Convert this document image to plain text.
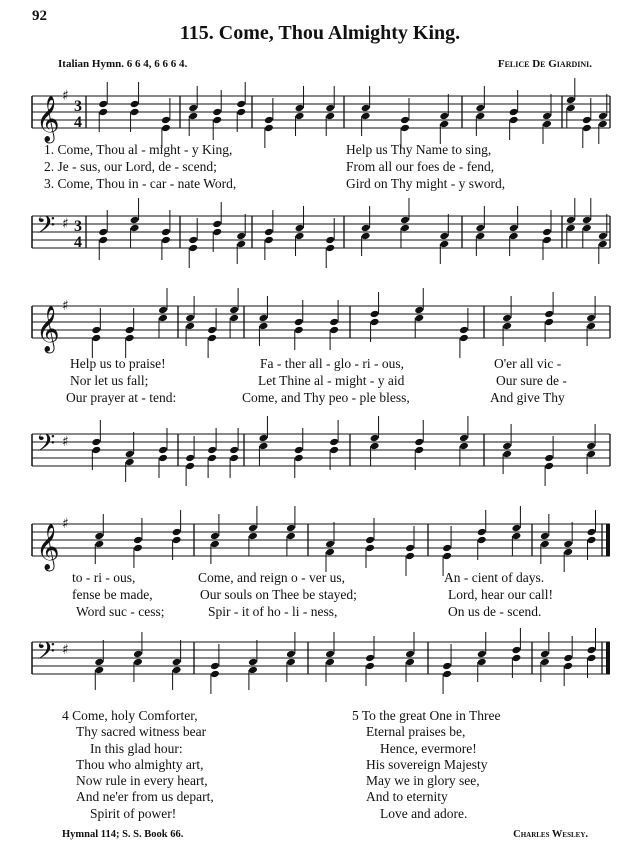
92
115. Come, Thou Almighty King.
Italian Hymn. 6 6 4, 6 6 6 4.	Felice De Giardini.
𝄞 ♯
3
4
1. Come, Thou al - might - y King,	Help us Thy Name to sing,
2. Je - sus, our Lord, de - scend;	From all our foes de - fend,
3. Come, Thou in - car - nate Word,	Gird on Thy might - y sword,
𝄢 ♯ 3
4
𝄞 ♯
Help us to praise!	Fa - ther all - glo - ri - ous,	O'er all vic -
Nor let us fall;	Let Thine al - might - y aid	Our sure de -
Our prayer at - tend:	Come, and Thy peo - ple bless,	And give Thy
𝄢 ♯
𝄞 ♯
to - ri - ous,	Come, and reign o - ver us,	An - cient of days.
fense be made,	Our souls on Thee be stayed;	Lord, hear our call!
Word suc - cess;	Spir - it of ho - li - ness,	On us de - scend.
𝄢 ♯
4 Come, holy Comforter,
Thy sacred witness bear
In this glad hour:
Thou who almighty art,
Now rule in every heart,
And ne'er from us depart,
Spirit of power!
5 To the great One in Three
Eternal praises be,
Hence, evermore!
His sovereign Majesty
May we in glory see,
And to eternity
Love and adore.
Hymnal 114; S. S. Book 66.	Charles Wesley.
